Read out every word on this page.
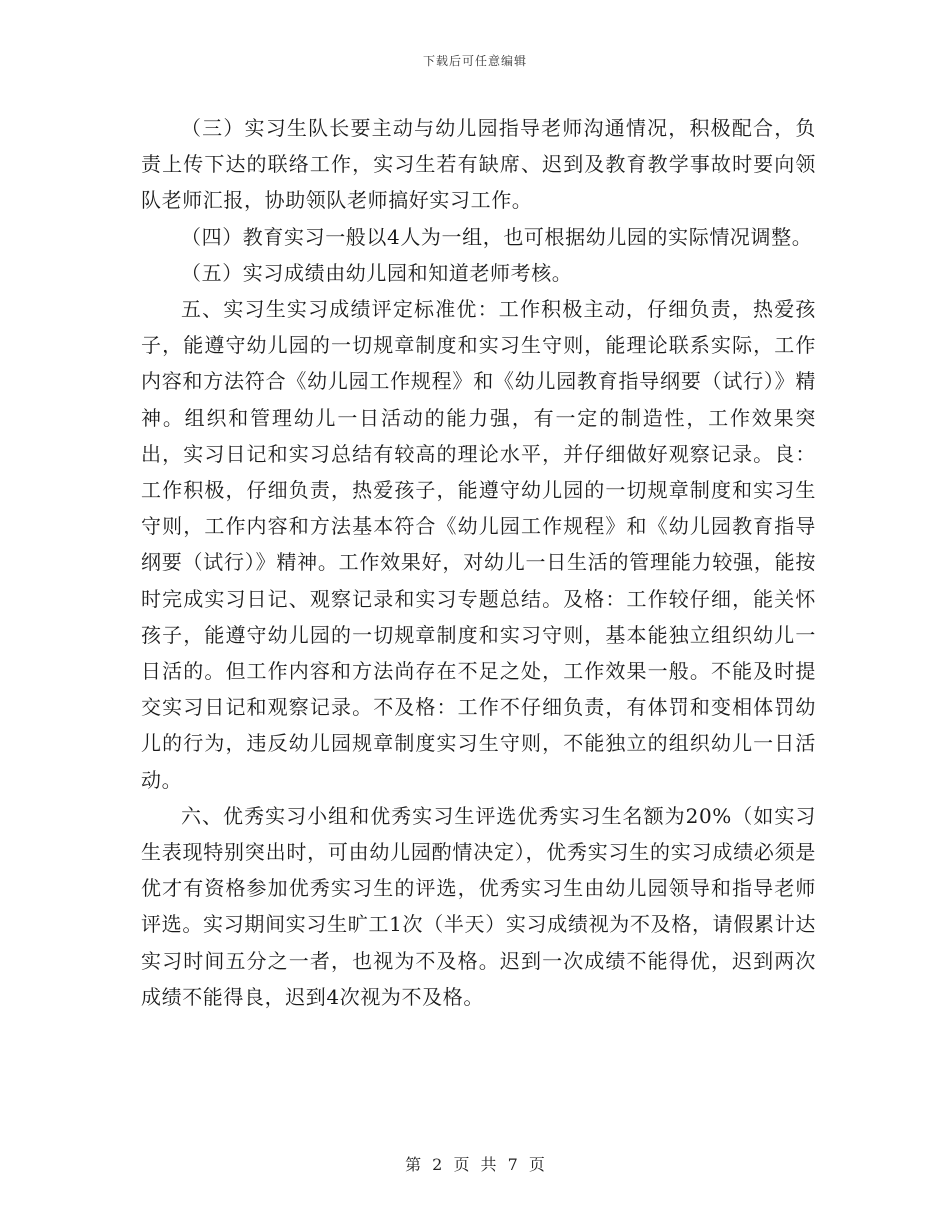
下载后可任意编辑

（三）实习生队长要主动与幼儿园指导老师沟通情况，积极配合，负责上传下达的联络工作，实习生若有缺席、迟到及教育教学事故时要向领队老师汇报，协助领队老师搞好实习工作。

（四）教育实习一般以4人为一组，也可根据幼儿园的实际情况调整。

（五）实习成绩由幼儿园和知道老师考核。

五、实习生实习成绩评定标准优：工作积极主动，仔细负责，热爱孩子，能遵守幼儿园的一切规章制度和实习生守则，能理论联系实际，工作内容和方法符合《幼儿园工作规程》和《幼儿园教育指导纲要（试行）》精神。组织和管理幼儿一日活动的能力强，有一定的制造性，工作效果突出，实习日记和实习总结有较高的理论水平，并仔细做好观察记录。良：工作积极，仔细负责，热爱孩子，能遵守幼儿园的一切规章制度和实习生守则，工作内容和方法基本符合《幼儿园工作规程》和《幼儿园教育指导纲要（试行）》精神。工作效果好，对幼儿一日生活的管理能力较强，能按时完成实习日记、观察记录和实习专题总结。及格：工作较仔细，能关怀孩子，能遵守幼儿园的一切规章制度和实习守则，基本能独立组织幼儿一日活的。但工作内容和方法尚存在不足之处，工作效果一般。不能及时提交实习日记和观察记录。不及格：工作不仔细负责，有体罚和变相体罚幼儿的行为，违反幼儿园规章制度实习生守则，不能独立的组织幼儿一日活动。

六、优秀实习小组和优秀实习生评选优秀实习生名额为20%（如实习生表现特别突出时，可由幼儿园酌情决定），优秀实习生的实习成绩必须是优才有资格参加优秀实习生的评选，优秀实习生由幼儿园领导和指导老师评选。实习期间实习生旷工1次（半天）实习成绩视为不及格，请假累计达实习时间五分之一者，也视为不及格。迟到一次成绩不能得优，迟到两次成绩不能得良，迟到4次视为不及格。

第 2 页 共 7 页
